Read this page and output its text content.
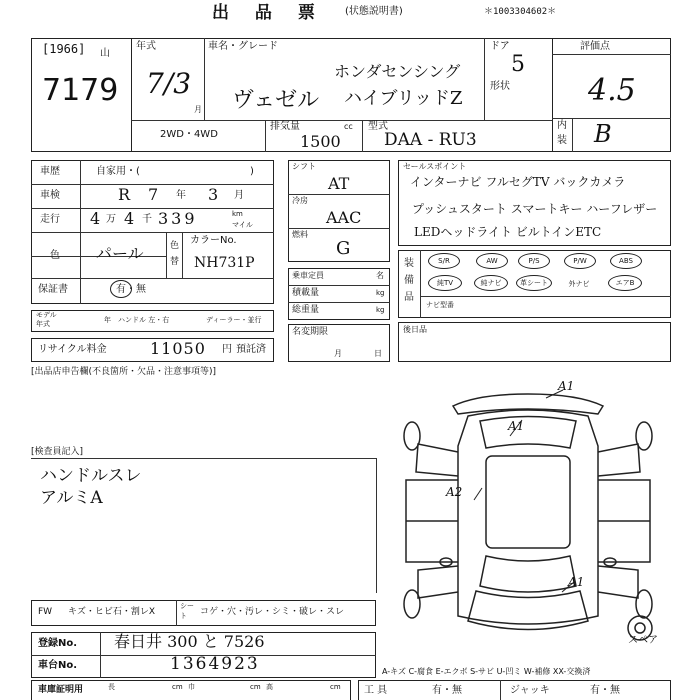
出 品 票 (状態説明書)	＊1003304602＊
[1966] 山
7179
年式
7/3
月
車名・グレード
ホンダセンシング
ヴェゼル ハイブリッドZ
ドア
5
形状
評価点
4.5
内
装 B
2WD・4WD
排気量	cc
1500
型式
DAA - RU3
車歴	自家用・(	)
車検	R 7 年 3 月
走行 4 万 4 千 339	km
マイル
色 パール	色
替
カラーNo.
NH731P
保証書	有・無
モデル
年式	年 ハンドル 左・右	ディーラー・並行
リサイクル料金	11050 円 預託済
シフト
AT
冷房
AAC
燃料
G
乗車定員	名
積載量	kg
総重量	kg
名変期限
月	日
セールスポイント
インターナビ フルセグTV バックカメラ
プッシュスタート スマートキー ハーフレザー
LEDヘッドライト ビルトインETC
装
備
品
S/R	AW	P/S	P/W	ABS
純TV	純ナビ	革シート	外ナビ	エアB
ナビ型番
後日品
[出品店申告欄(不良箇所・欠品・注意事項等)]
[検査員記入]
ハンドルスレ
アルミA
A1
A1
A2
A1
スペア
FW キズ・ヒビ石・割レX
シー
ト コゲ・穴・汚レ・シミ・破レ・スレ
登録No. 春日井 300 と 7526
車台No.	1364923	A-キズ C-腐食 E-エクボ S-サビ U-凹ミ W-補修 XX-交換済
車庫証明用	長	cm 巾	cm 高	cm 工 具	有・無	ジャッキ	有・無
